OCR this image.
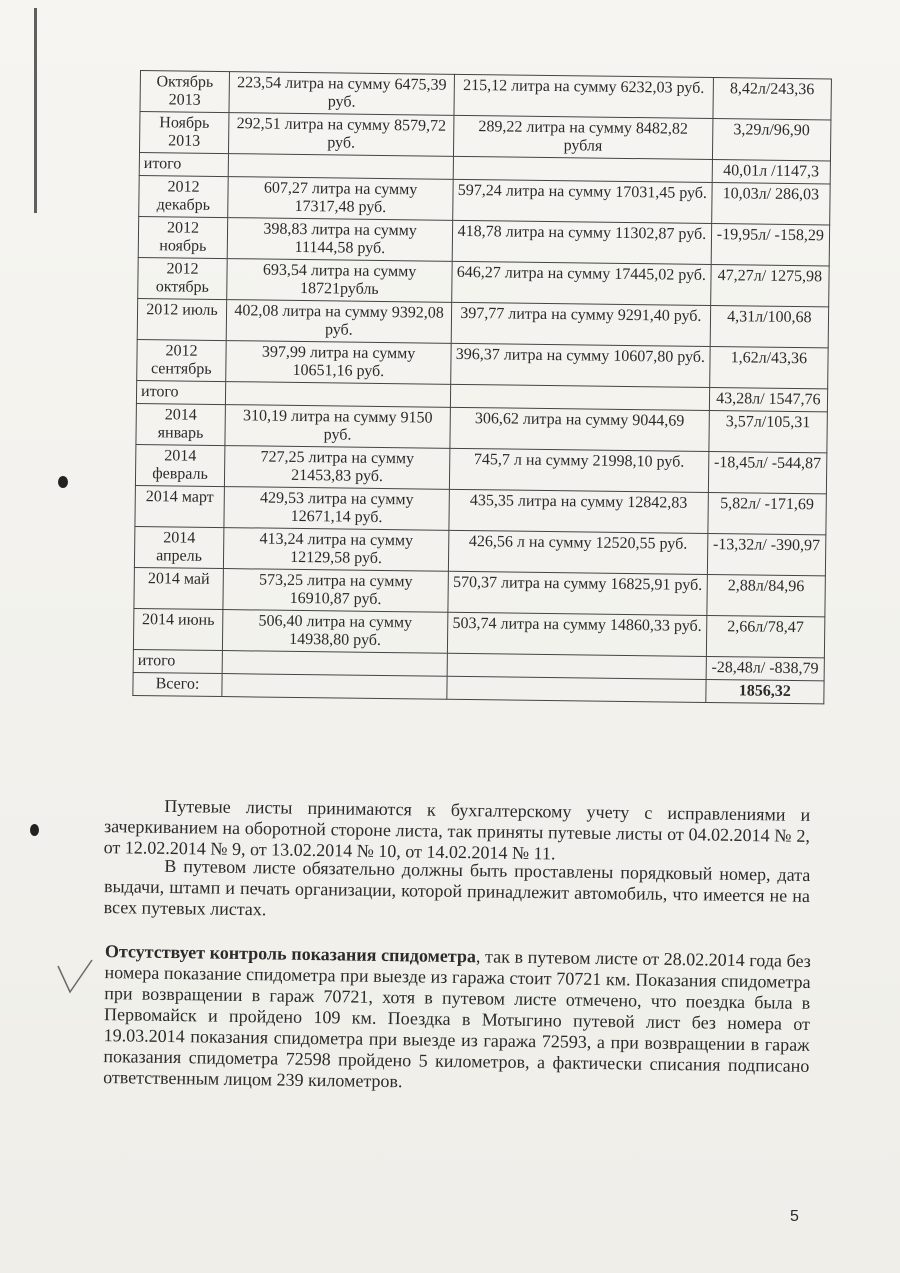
Октябрь 2013	223,54 литра на сумму 6475,39 руб.	215,12 литра на сумму 6232,03 руб.	8,42л/243,36
Ноябрь 2013	292,51 литра на сумму 8579,72 руб.	289,22 литра на сумму 8482,82 рубля	3,29л/96,90
итого			40,01л /1147,3
2012 декабрь	607,27 литра на сумму 17317,48 руб.	597,24 литра на сумму 17031,45 руб.	10,03л/ 286,03
2012 ноябрь	398,83 литра на сумму 11144,58 руб.	418,78 литра на сумму 11302,87 руб.	-19,95л/ -158,29
2012 октябрь	693,54 литра на сумму 18721рубль	646,27 литра на сумму 17445,02 руб.	47,27л/ 1275,98
2012 июль	402,08 литра на сумму 9392,08 руб.	397,77 литра на сумму 9291,40 руб.	4,31л/100,68
2012 сентябрь	397,99 литра на сумму 10651,16 руб.	396,37 литра на сумму 10607,80 руб.	1,62л/43,36
итого			43,28л/ 1547,76
2014 январь	310,19 литра на сумму 9150 руб.	306,62 литра на сумму 9044,69	3,57л/105,31
2014 февраль	727,25 литра на сумму 21453,83 руб.	745,7 л на сумму 21998,10 руб.	-18,45л/ -544,87
2014 март	429,53 литра на сумму 12671,14 руб.	435,35 литра на сумму 12842,83	5,82л/ -171,69
2014 апрель	413,24 литра на сумму 12129,58 руб.	426,56 л на сумму 12520,55 руб.	-13,32л/ -390,97
2014 май	573,25 литра на сумму 16910,87 руб.	570,37 литра на сумму 16825,91 руб.	2,88л/84,96
2014 июнь	506,40 литра на сумму 14938,80 руб.	503,74 литра на сумму 14860,33 руб.	2,66л/78,47
итого			-28,48л/ -838,79
Всего:			1856,32

Путевые листы принимаются к бухгалтерскому учету с исправлениями и зачеркиванием на оборотной стороне листа, так приняты путевые листы от 04.02.2014 № 2, от 12.02.2014 № 9, от 13.02.2014 № 10, от 14.02.2014 № 11.

В путевом листе обязательно должны быть проставлены порядковый номер, дата выдачи, штамп и печать организации, которой принадлежит автомобиль, что имеется не на всех путевых листах.

Отсутствует контроль показания спидометра, так в путевом листе от 28.02.2014 года без номера показание спидометра при выезде из гаража стоит 70721 км. Показания спидометра при возвращении в гараж 70721, хотя в путевом листе отмечено, что поездка была в Первомайск и пройдено 109 км. Поездка в Мотыгино путевой лист без номера от 19.03.2014 показания спидометра при выезде из гаража 72593, а при возвращении в гараж показания спидометра 72598 пройдено 5 километров, а фактически списания подписано ответственным лицом 239 километров.

5
